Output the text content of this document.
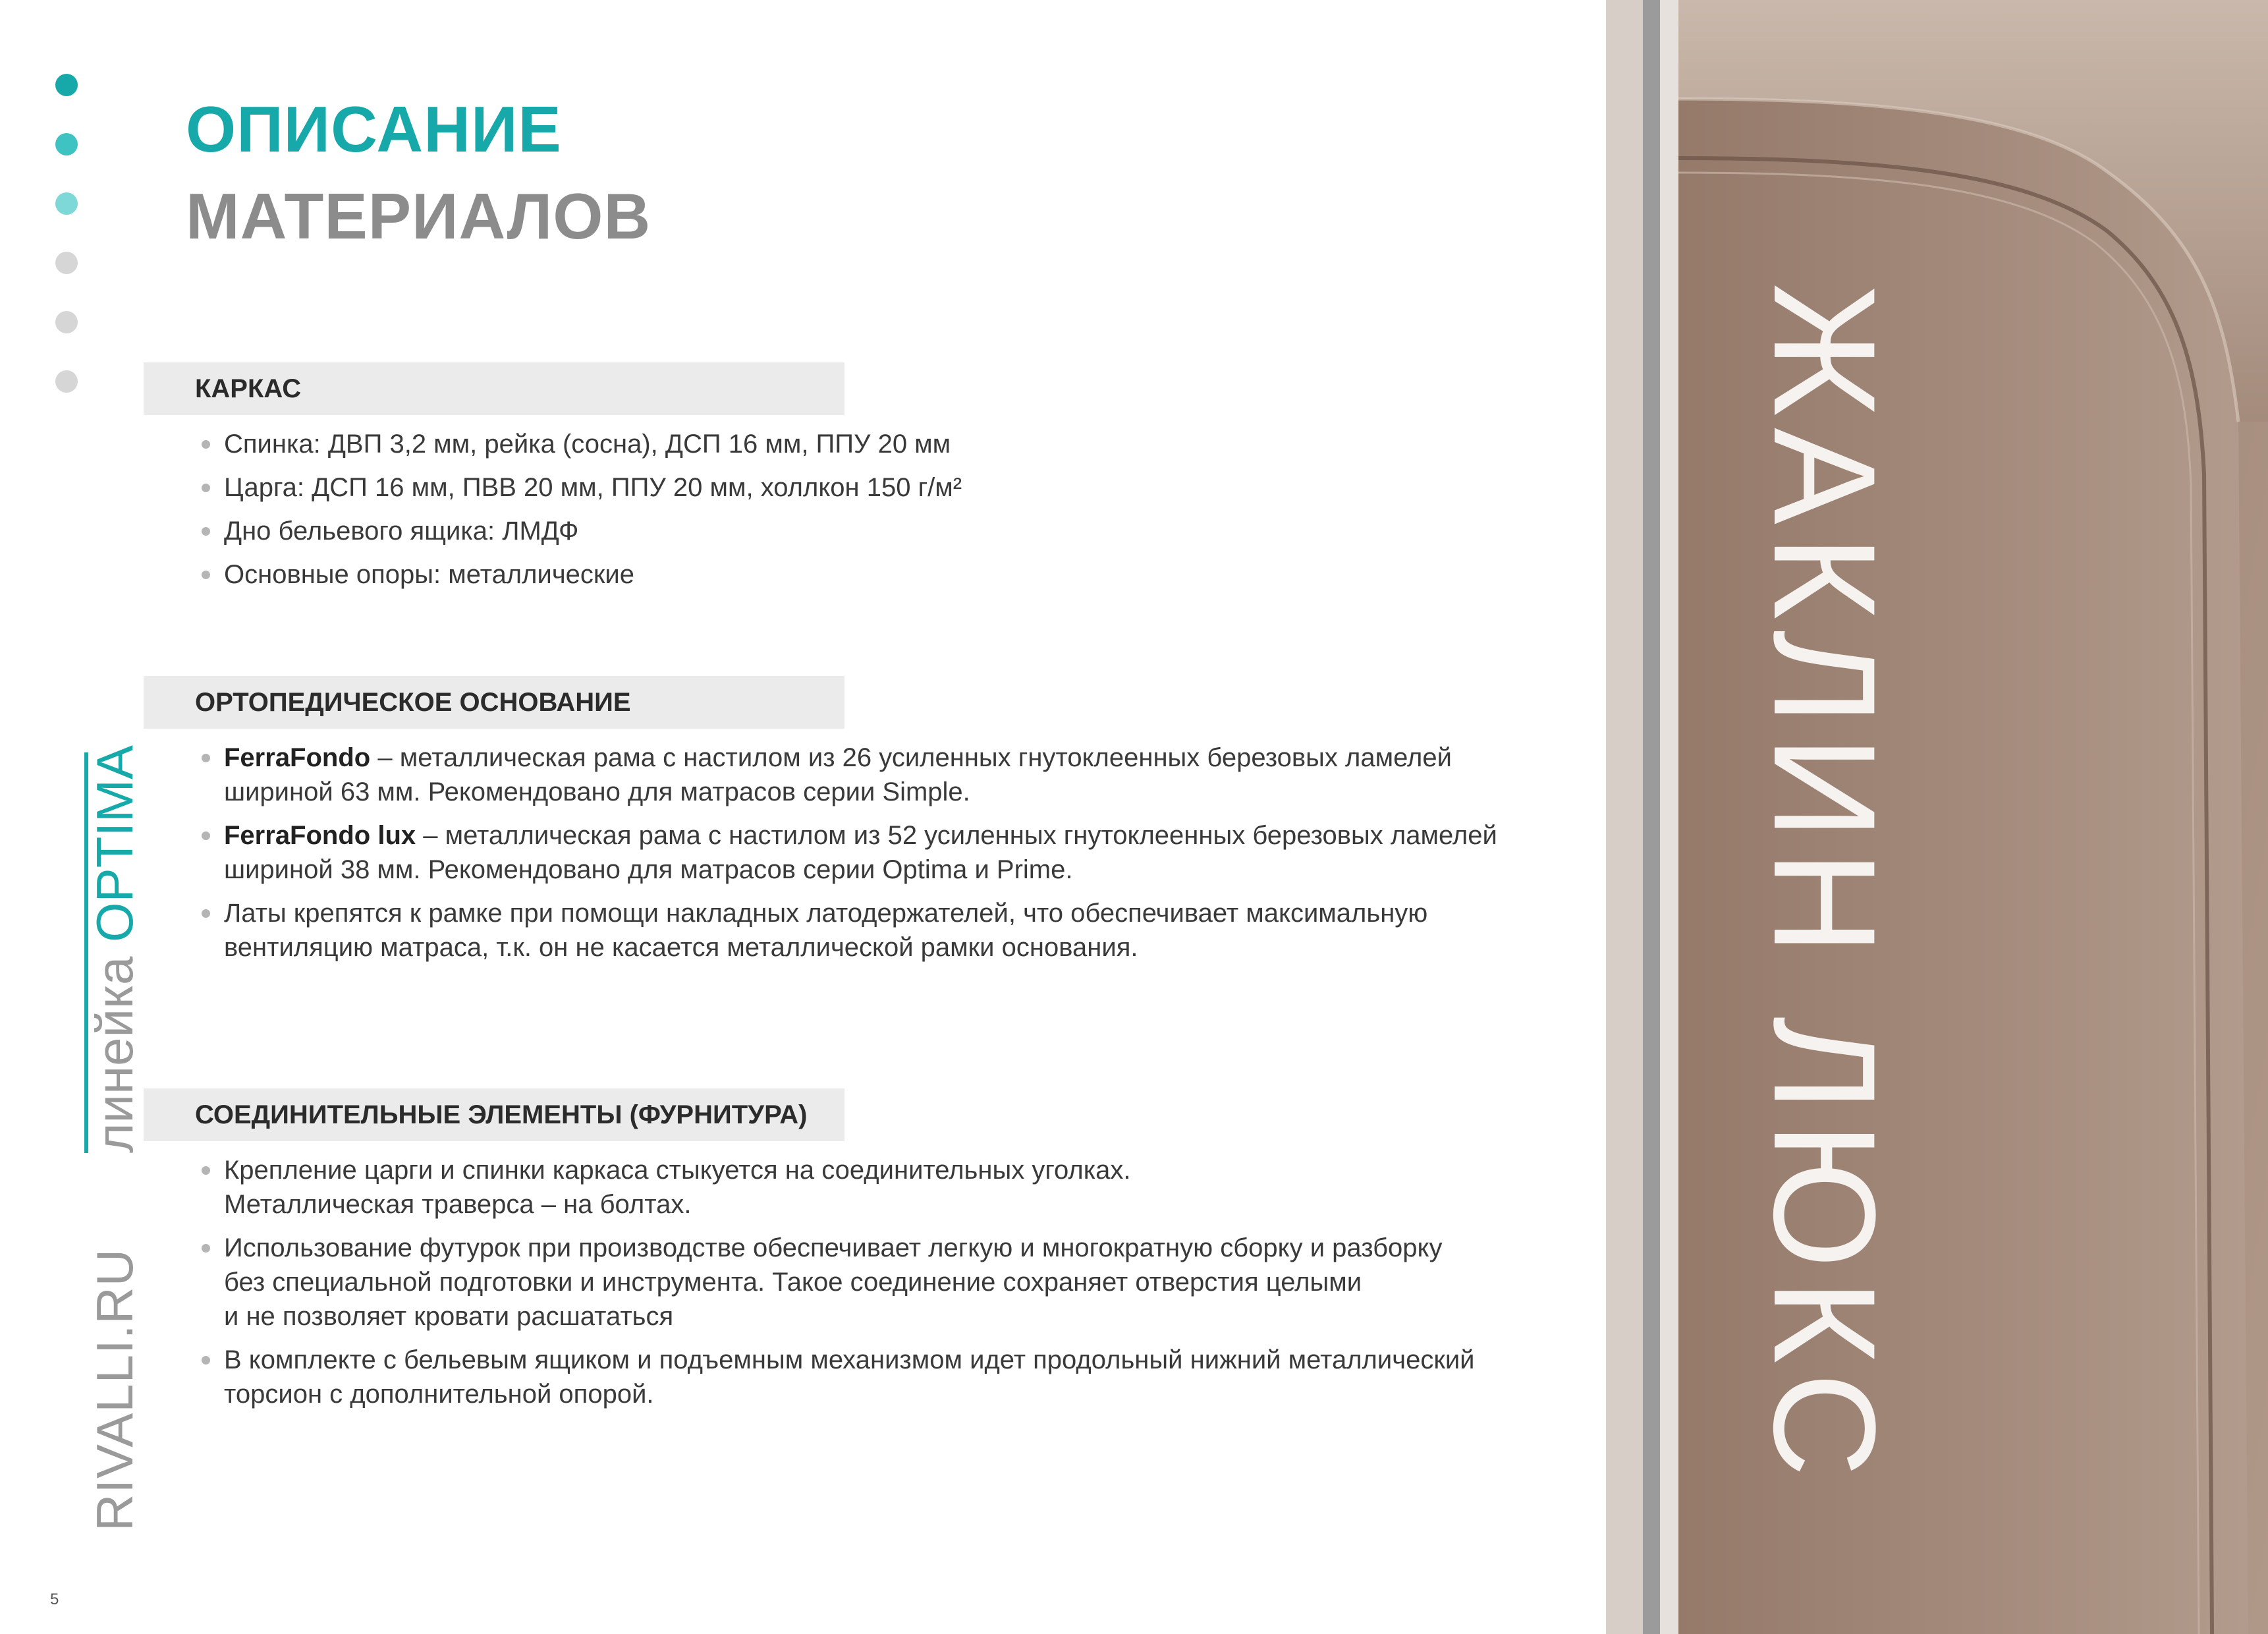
ОПИСАНИЕ
МАТЕРИАЛОВ
линейка OPTIMA
RIVALLI.RU
5
КАРКАС
Спинка: ДВП 3,2 мм, рейка (сосна), ДСП 16 мм, ППУ 20 мм
Царга: ДСП 16 мм, ПВВ 20 мм, ППУ 20 мм, холлкон 150 г/м²
Дно бельевого ящика: ЛМДФ
Основные опоры: металлические
ОРТОПЕДИЧЕСКОЕ ОСНОВАНИЕ
FerraFondo – металлическая рама с настилом из 26 усиленных гнутоклеенных березовых ламелей
шириной 63 мм. Рекомендовано для матрасов серии Simple.
FerraFondo lux – металлическая рама с настилом из 52 усиленных гнутоклеенных березовых ламелей
шириной 38 мм. Рекомендовано для матрасов серии Optima и Prime.
Латы крепятся к рамке при помощи накладных латодержателей, что обеспечивает максимальную
вентиляцию матраса, т.к. он не касается металлической рамки основания.
СОЕДИНИТЕЛЬНЫЕ ЭЛЕМЕНТЫ (ФУРНИТУРА)
Крепление царги и спинки каркаса стыкуется на соединительных уголках.
Металлическая траверса – на болтах.
Использование футурок при производстве обеспечивает легкую и многократную сборку и разборку
без специальной подготовки и инструмента. Такое соединение сохраняет отверстия целыми
и не позволяет кровати расшататься
В комплекте с бельевым ящиком и подъемным механизмом идет продольный нижний металлический
торсион с дополнительной опорой.	ЖАКЛИН ЛЮКС
